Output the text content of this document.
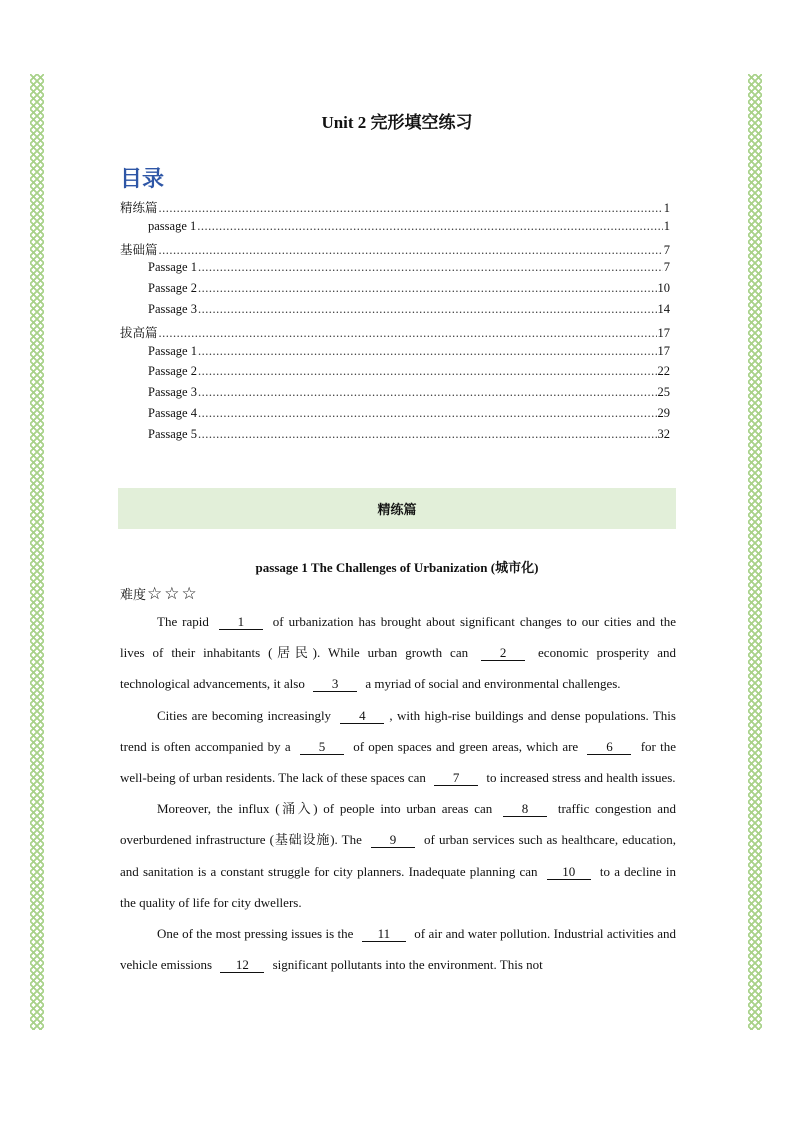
Unit 2 完形填空练习
目录
精练篇 .....	1
passage 1 .....	1
基础篇 .....	7
Passage 1 .....	7
Passage 2 .....	10
Passage 3 .....	14
拔高篇 .....	17
Passage 1 .....	17
Passage 2 .....	22
Passage 3 .....	25
Passage 4 .....	29
Passage 5 .....	32
精练篇
passage 1 The Challenges of Urbanization (城市化)
难度 ☆ ☆ ☆

The rapid 1 of urbanization has brought about significant changes to our cities and the lives of their inhabitants (居民). While urban growth can 2 economic prosperity and technological advancements, it also 3 a myriad of social and environmental challenges.

Cities are becoming increasingly 4 , with high-rise buildings and dense populations. This trend is often accompanied by a 5 of open spaces and green areas, which are 6 for the well-being of urban residents. The lack of these spaces can 7 to increased stress and health issues.

Moreover, the influx (涌入) of people into urban areas can 8 traffic congestion and overburdened infrastructure (基础设施). The 9 of urban services such as healthcare, education, and sanitation is a constant struggle for city planners. Inadequate planning can 10 to a decline in the quality of life for city dwellers.

One of the most pressing issues is the 11 of air and water pollution. Industrial activities and vehicle emissions 12 significant pollutants into the environment. This not
